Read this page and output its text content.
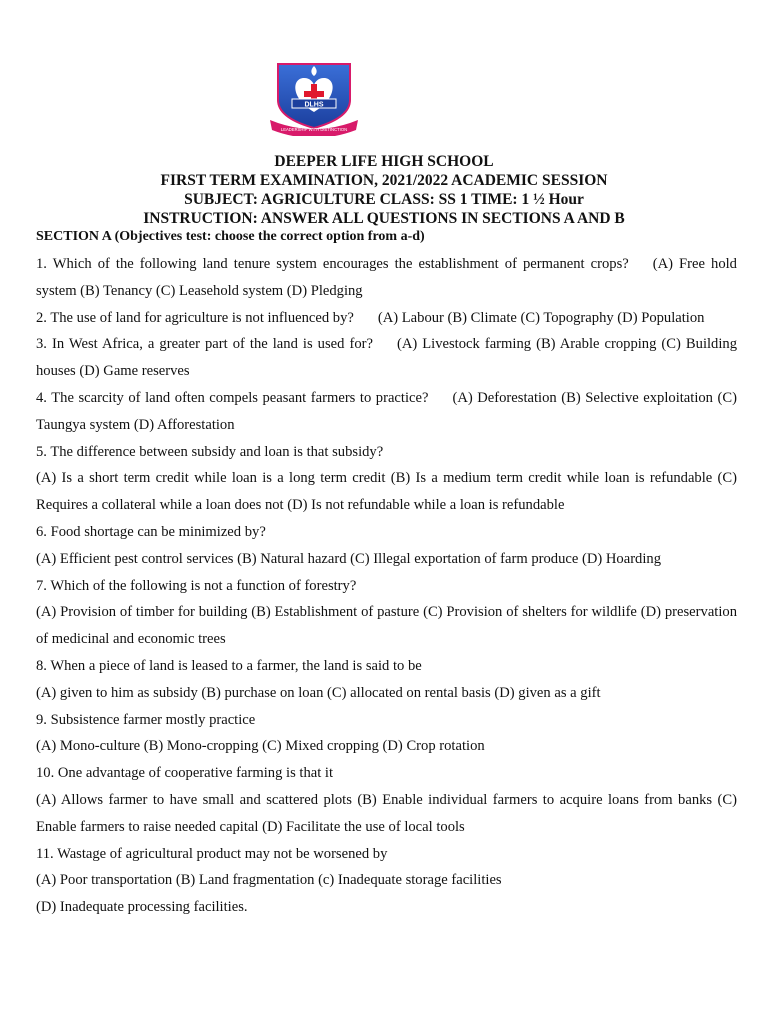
DLHS
LEADERSHIP WITH DISTINCTION
DEEPER LIFE HIGH SCHOOL
FIRST TERM EXAMINATION, 2021/2022 ACADEMIC SESSION
SUBJECT: AGRICULTURE CLASS: SS 1 TIME: 1 ½ Hour
INSTRUCTION: ANSWER ALL QUESTIONS IN SECTIONS A AND B
SECTION A (Objectives test: choose the correct option from a-d)

1. Which of the following land tenure system encourages the establishment of permanent crops? (A) Free hold system (B) Tenancy (C) Leasehold system (D) Pledging

2. The use of land for agriculture is not influenced by? (A) Labour (B) Climate (C) Topography (D) Population

3. In West Africa, a greater part of the land is used for? (A) Livestock farming (B) Arable cropping (C) Building houses (D) Game reserves

4. The scarcity of land often compels peasant farmers to practice? (A) Deforestation (B) Selective exploitation (C) Taungya system (D) Afforestation

5. The difference between subsidy and loan is that subsidy?

(A) Is a short term credit while loan is a long term credit (B) Is a medium term credit while loan is refundable (C) Requires a collateral while a loan does not (D) Is not refundable while a loan is refundable

6. Food shortage can be minimized by?

(A) Efficient pest control services (B) Natural hazard (C) Illegal exportation of farm produce (D) Hoarding

7. Which of the following is not a function of forestry?

(A) Provision of timber for building (B) Establishment of pasture (C) Provision of shelters for wildlife (D) preservation of medicinal and economic trees

8. When a piece of land is leased to a farmer, the land is said to be

(A) given to him as subsidy (B) purchase on loan (C) allocated on rental basis (D) given as a gift

9. Subsistence farmer mostly practice

(A) Mono-culture (B) Mono-cropping (C) Mixed cropping (D) Crop rotation

10. One advantage of cooperative farming is that it

(A) Allows farmer to have small and scattered plots (B) Enable individual farmers to acquire loans from banks (C) Enable farmers to raise needed capital (D) Facilitate the use of local tools

11. Wastage of agricultural product may not be worsened by

(A) Poor transportation (B) Land fragmentation (c) Inadequate storage facilities

(D) Inadequate processing facilities.
